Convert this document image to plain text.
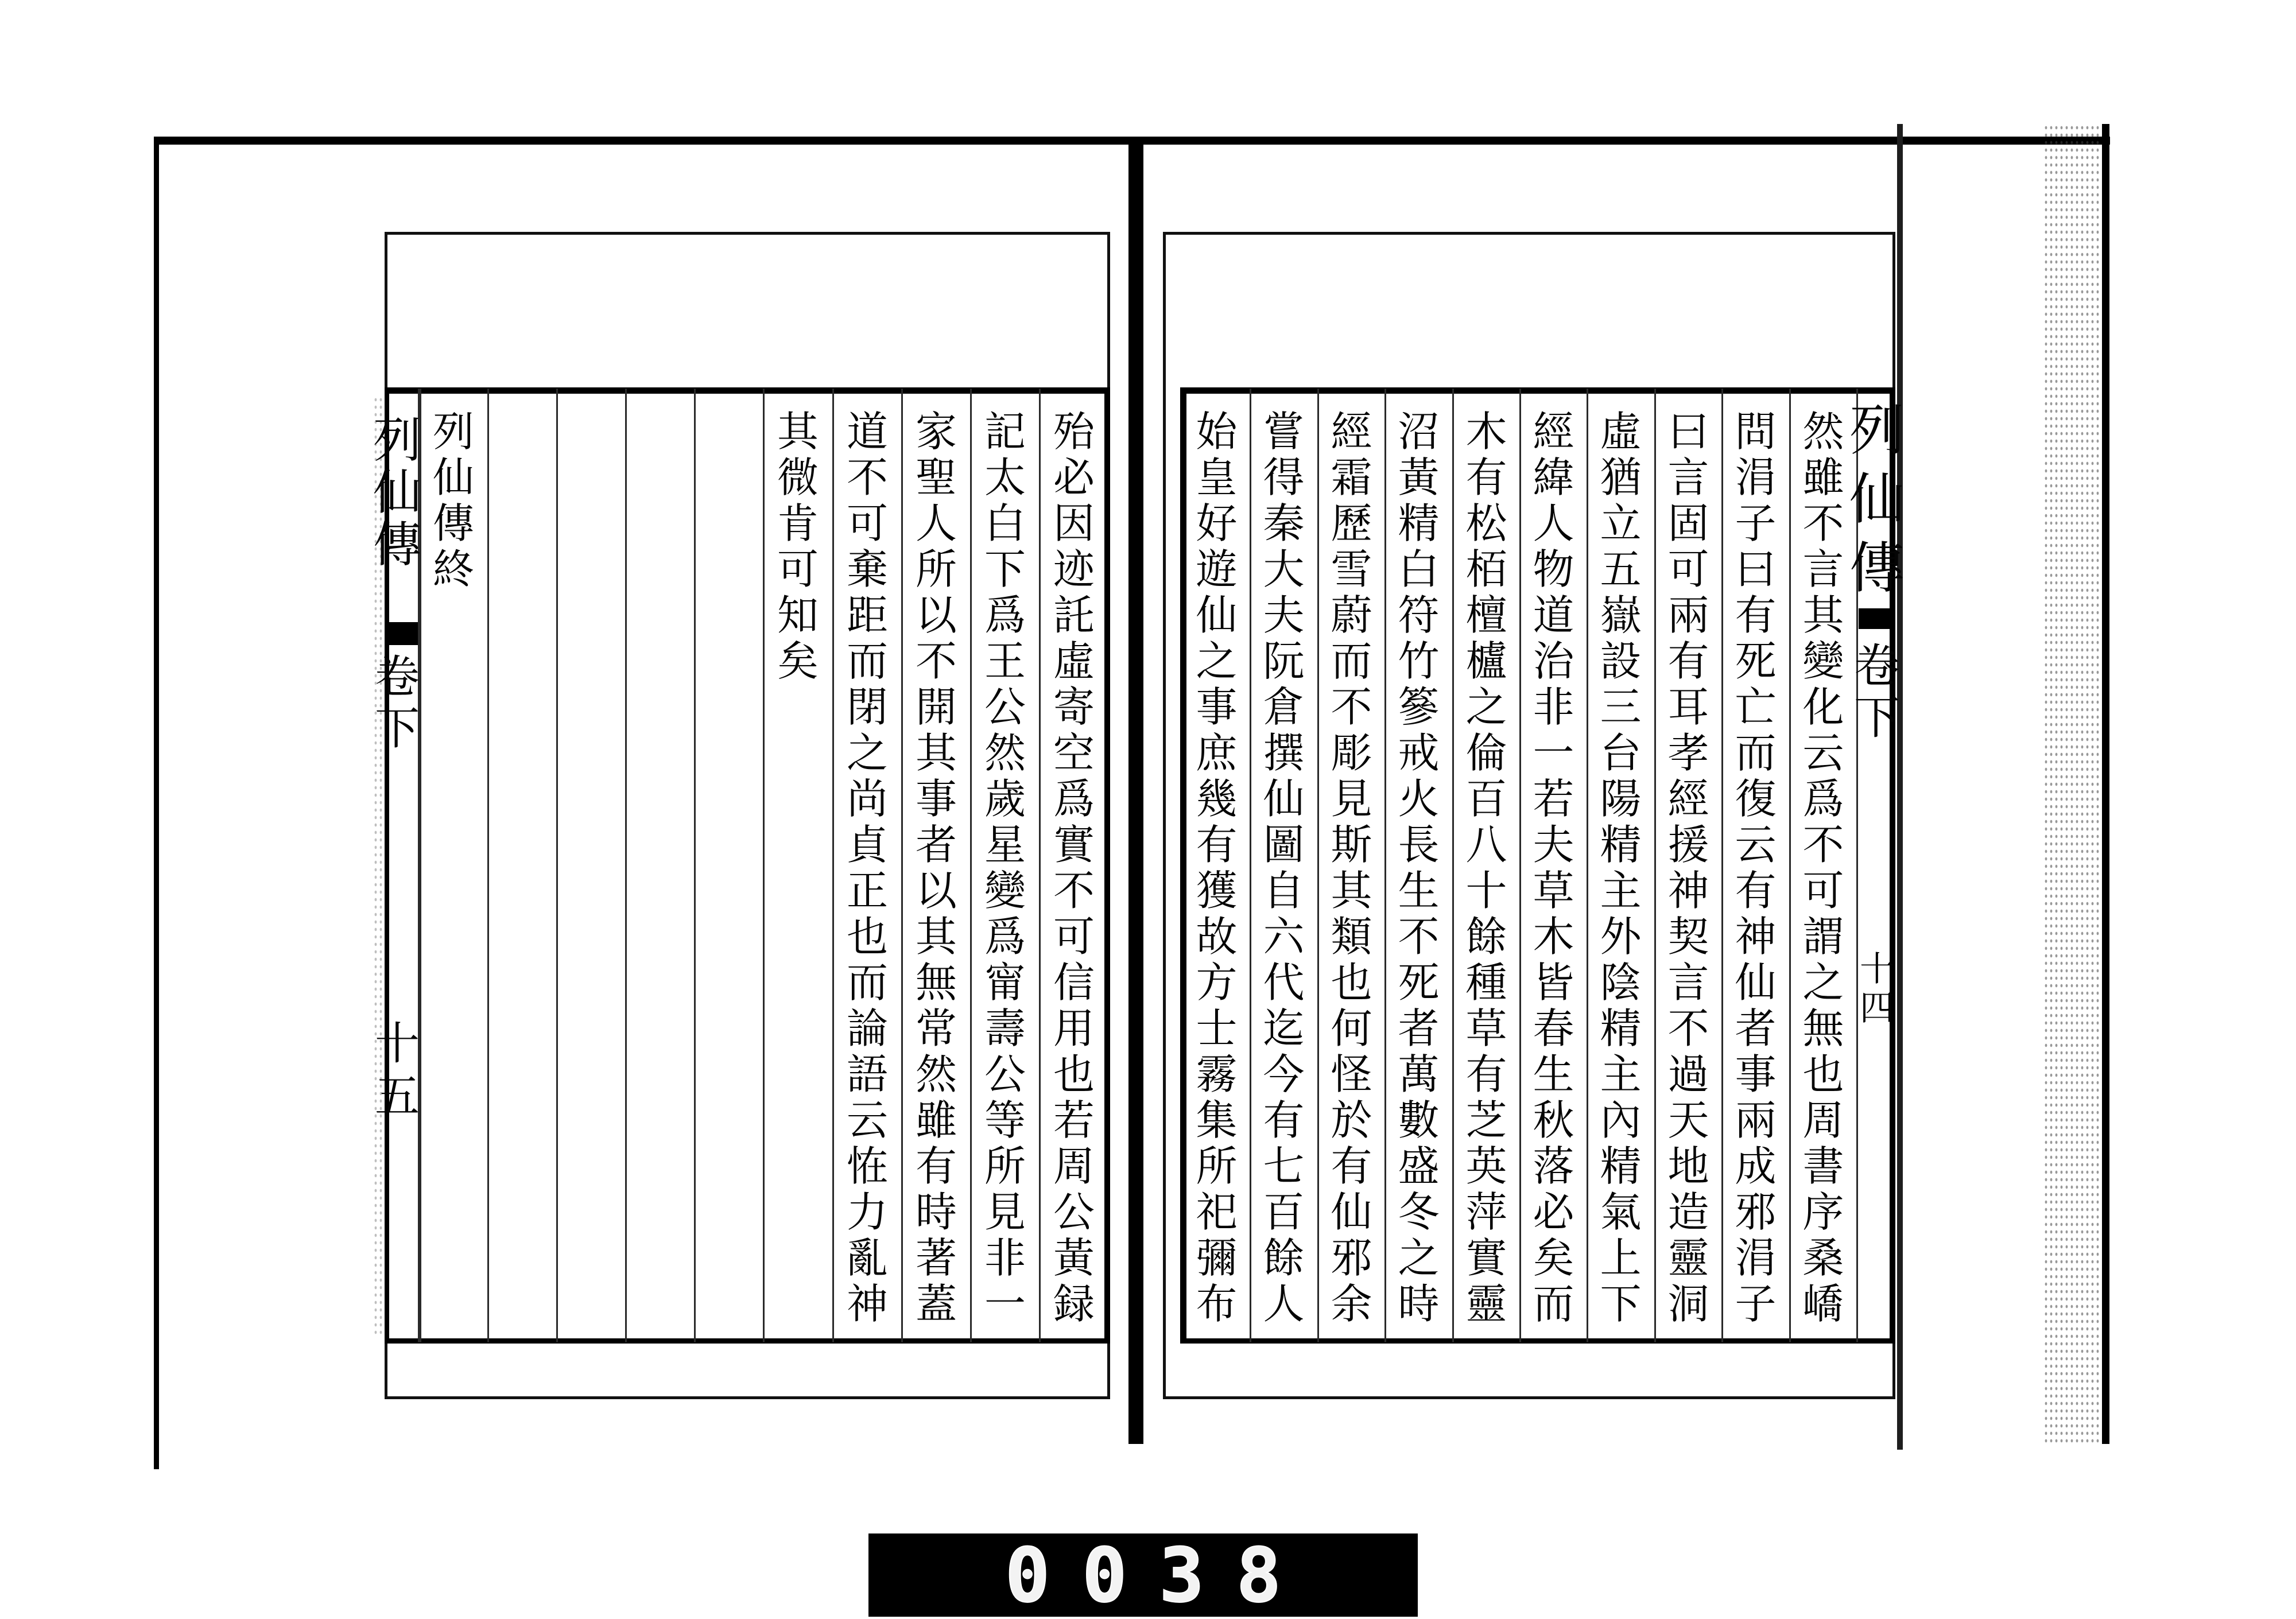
列
仙
傳
卷
下
十
五
殆
必
因
迹
託
虛
寄
空
爲
實
不
可
信
用
也
若
周
公
黃
録
記
太
白
下
爲
王
公
然
歲
星
變
爲
甯
壽
公
等
所
見
非
一
家
聖
人
所
以
不
開
其
事
者
以
其
無
常
然
雖
有
時
著
蓋
道
不
可
棄
距
而
閉
之
尚
貞
正
也
而
論
語
云
恠
力
亂
神
其
微
肯
可
知
矣
列
仙
傳
終
列
仙
傳
卷
下
十
四
然
雖
不
言
其
變
化
云
爲
不
可
謂
之
無
也
周
書
序
桑
嶠
問
涓
子
曰
有
死
亡
而
復
云
有
神
仙
者
事
兩
成
邪
涓
子
曰
言
固
可
兩
有
耳
孝
經
援
神
契
言
不
過
天
地
造
靈
洞
虛
猶
立
五
嶽
設
三
台
陽
精
主
外
陰
精
主
內
精
氣
上
下
經
緯
人
物
道
治
非
一
若
夫
草
木
皆
春
生
秋
落
必
矣
而
木
有
松
栢
檀
櫨
之
倫
百
八
十
餘
種
草
有
芝
英
萍
實
靈
沼
黃
精
白
符
竹
篸
戒
火
長
生
不
死
者
萬
數
盛
冬
之
時
經
霜
歷
雪
蔚
而
不
彫
見
斯
其
類
也
何
怪
於
有
仙
邪
余
嘗
得
秦
大
夫
阮
倉
撰
仙
圖
自
六
代
迄
今
有
七
百
餘
人
始
皇
好
遊
仙
之
事
庶
幾
有
獲
故
方
士
霧
集
所
祀
彌
布
0038
